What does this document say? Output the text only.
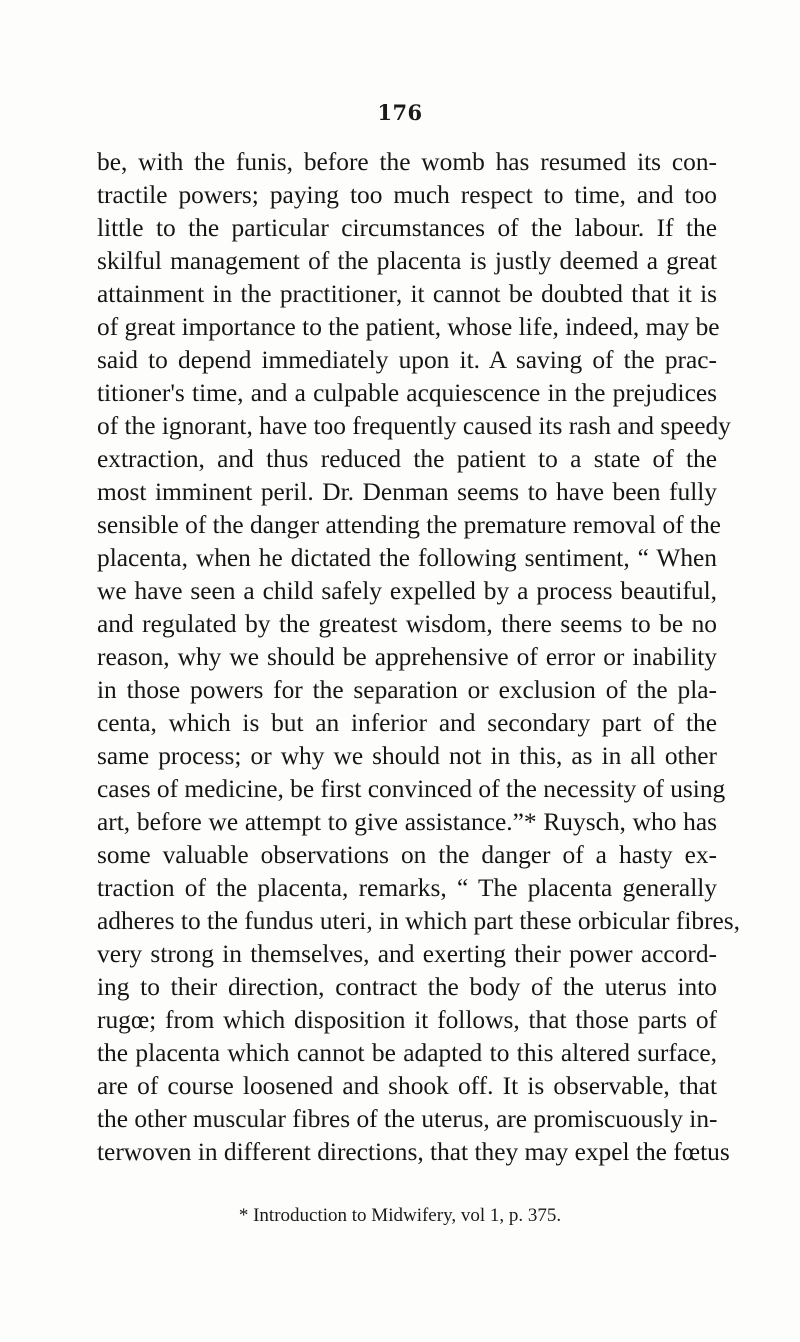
176
be, with the funis, before the womb has resumed its con-
tractile powers; paying too much respect to time, and too
little to the particular circumstances of the labour. If the
skilful management of the placenta is justly deemed a great
attainment in the practitioner, it cannot be doubted that it is
of great importance to the patient, whose life, indeed, may be
said to depend immediately upon it. A saving of the prac-
titioner's time, and a culpable acquiescence in the prejudices
of the ignorant, have too frequently caused its rash and speedy
extraction, and thus reduced the patient to a state of the
most imminent peril. Dr. Denman seems to have been fully
sensible of the danger attending the premature removal of the
placenta, when he dictated the following sentiment, “ When
we have seen a child safely expelled by a process beautiful,
and regulated by the greatest wisdom, there seems to be no
reason, why we should be apprehensive of error or inability
in those powers for the separation or exclusion of the pla-
centa, which is but an inferior and secondary part of the
same process; or why we should not in this, as in all other
cases of medicine, be first convinced of the necessity of using
art, before we attempt to give assistance.”* Ruysch, who has
some valuable observations on the danger of a hasty ex-
traction of the placenta, remarks, “ The placenta generally
adheres to the fundus uteri, in which part these orbicular fibres,
very strong in themselves, and exerting their power accord-
ing to their direction, contract the body of the uterus into
rugœ; from which disposition it follows, that those parts of
the placenta which cannot be adapted to this altered surface,
are of course loosened and shook off. It is observable, that
the other muscular fibres of the uterus, are promiscuously in-
terwoven in different directions, that they may expel the fœtus

* Introduction to Midwifery, vol 1, p. 375.
